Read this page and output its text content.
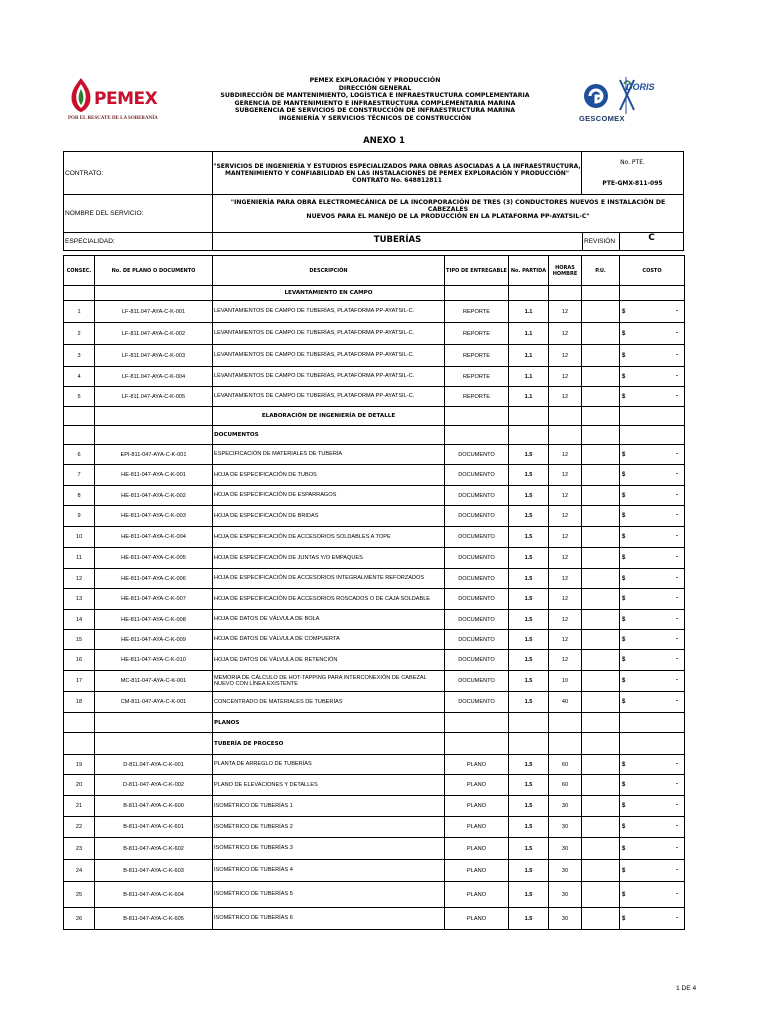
PEMEX
POR EL RESCATE DE LA SOBERANÍA
PEMEX EXPLORACIÓN Y PRODUCCIÓN
DIRECCIÓN GENERAL
SUBDIRECCIÓN DE MANTENIMIENTO, LOGÍSTICA E INFRAESTRUCTURA COMPLEMENTARIA
GERENCIA DE MANTENIMIENTO E INFRAESTRUCTURA COMPLEMENTARIA MARINA
SUBGERENCIA DE SERVICIOS DE CONSTRUCCIÓN DE INFRAESTRUCTURA MARINA
INGENIERÍA Y SERVICIOS TÉCNICOS DE CONSTRUCCIÓN
DORIS
GESCOMEX
ANEXO 1
CONTRATO:
"SERVICIOS DE INGENIERÍA Y ESTUDIOS ESPECIALIZADOS PARA OBRAS ASOCIADAS A LA INFRAESTRUCTURA,
MANTENIMIENTO Y CONFIABILIDAD EN LAS INSTALACIONES DE PEMEX EXPLORACIÓN Y PRODUCCIÓN"
CONTRATO No. 648812811
No. PTE.
PTE-GMX-811-095
NOMBRE DEL SERVICIO:
"INGENIERÍA PARA OBRA ELECTROMECÁNICA DE LA INCORPORACIÓN DE TRES (3) CONDUCTORES NUEVOS E INSTALACIÓN DE CABEZALES
NUEVOS PARA EL MANEJO DE LA PRODUCCIÓN EN LA PLATAFORMA PP-AYATSIL-C"
ESPECIALIDAD:	TUBERÍAS	REVISIÓN	C
CONSEC.	No. DE PLANO O DOCUMENTO	DESCRIPCIÓN	TIPO DE ENTREGABLE	No. PARTIDA	HORAS HOMBRE	P.U.	COSTO
		LEVANTAMIENTO EN CAMPO					
1	LF-811.047-AYA-C-K-001	LEVANTAMIENTOS DE CAMPO DE TUBERÍAS, PLATAFORMA PP-AYATSIL-C.	REPORTE	1.1	12		$ -

2	LF-811.047-AYA-C-K-002	LEVANTAMIENTOS DE CAMPO DE TUBERÍAS, PLATAFORMA PP-AYATSIL-C.	REPORTE	1.1	12		$ -

3	LF-811.047-AYA-C-K-003	LEVANTAMIENTOS DE CAMPO DE TUBERÍAS, PLATAFORMA PP-AYATSIL-C.	REPORTE	1.1	12		$ -

4	LF-811.047-AYA-C-K-004	LEVANTAMIENTOS DE CAMPO DE TUBERÍAS, PLATAFORMA PP-AYATSIL-C.	REPORTE	1.1	12		$ -

5	LF-811.047-AYA-C-K-005	LEVANTAMIENTOS DE CAMPO DE TUBERÍAS, PLATAFORMA PP-AYATSIL-C.	REPORTE	1.1	12		$ -

		ELABORACIÓN DE INGENIERÍA DE DETALLE					
		DOCUMENTOS					
6	EPI-811-047-AYA-C-K-001	ESPECIFICACIÓN DE MATERIALES DE TUBERÍA	DOCUMENTO	1.5	12		$ -

7	HE-811-047-AYA-C-K-001	HOJA DE ESPECIFICACIÓN DE TUBOS	DOCUMENTO	1.5	12		$ -

8	HE-811-047-AYA-C-K-002	HOJA DE ESPECIFICACIÓN DE ESPARRAGOS	DOCUMENTO	1.5	12		$ -

9	HE-811-047-AYA-C-K-003	HOJA DE ESPECIFICACIÓN DE BRIDAS	DOCUMENTO	1.5	12		$ -

10	HE-811-047-AYA-C-K-004	HOJA DE ESPECIFICACIÓN DE ACCESORIOS SOLDABLES A TOPE	DOCUMENTO	1.5	12		$ -

11	HE-811-047-AYA-C-K-005	HOJA DE ESPECIFICACIÓN DE JUNTAS Y/O EMPAQUES	DOCUMENTO	1.5	12		$ -

12	HE-811-047-AYA-C-K-006	HOJA DE ESPECIFICACIÓN DE ACCESORIOS INTEGRALMENTE REFORZADOS	DOCUMENTO	1.5	12		$ -

13	HE-811-047-AYA-C-K-007	HOJA DE ESPECIFICACIÓN DE ACCESORIOS ROSCADOS O DE CAJA SOLDABLE	DOCUMENTO	1.5	12		$ -

14	HE-811-047-AYA-C-K-008	HOJA DE DATOS DE VÁLVULA DE BOLA	DOCUMENTO	1.5	12		$ -

15	HE-811-047-AYA-C-K-009	HOJA DE DATOS DE VÁLVULA DE COMPUERTA	DOCUMENTO	1.5	12		$ -

16	HE-811-047-AYA-C-K-010	HOJA DE DATOS DE VÁLVULA DE RETENCIÓN	DOCUMENTO	1.5	12		$ -

17	MC-811-047-AYA-C-K-001	MEMORIA DE CÁLCULO DE HOT-TAPPING PARA INTERCONEXIÓN DE CABEZAL NUEVO CON LÍNEA EXISTENTE	DOCUMENTO	1.5	10		$ -

18	CM-811-047-AYA-C-K-001	CONCENTRADO DE MATERIALES DE TUBERÍAS	DOCUMENTO	1.5	40		$ -

		PLANOS					
		TUBERÍA DE PROCESO					
19	D-811.047-AYA-C-K-001	PLANTA DE ARREGLO DE TUBERÍAS	PLANO	1.5	60		$ -

20	D-811-047-AYA-C-K-002	PLANO DE ELEVACIONES Y DETALLES	PLANO	1.5	60		$ -

21	B-811-047-AYA-C-K-600	ISOMÉTRICO DE TUBERÍAS 1	PLANO	1.5	30		$ -

22	B-811-047-AYA-C-K-601	ISOMÉTRICO DE TUBERÍAS 2	PLANO	1.5	30		$ -

23	B-811-047-AYA-C-K-602	ISOMÉTRICO DE TUBERÍAS 3	PLANO	1.5	30		$ -

24	B-811-047-AYA-C-K-603	ISOMÉTRICO DE TUBERÍAS 4	PLANO	1.5	30		$ -

25	B-811-047-AYA-C-K-604	ISOMÉTRICO DE TUBERÍAS 5	PLANO	1.5	30		$ -

26	B-811-047-AYA-C-K-605	ISOMÉTRICO DE TUBERÍAS 6	PLANO	1.5	30		$ -
1 DE 4
